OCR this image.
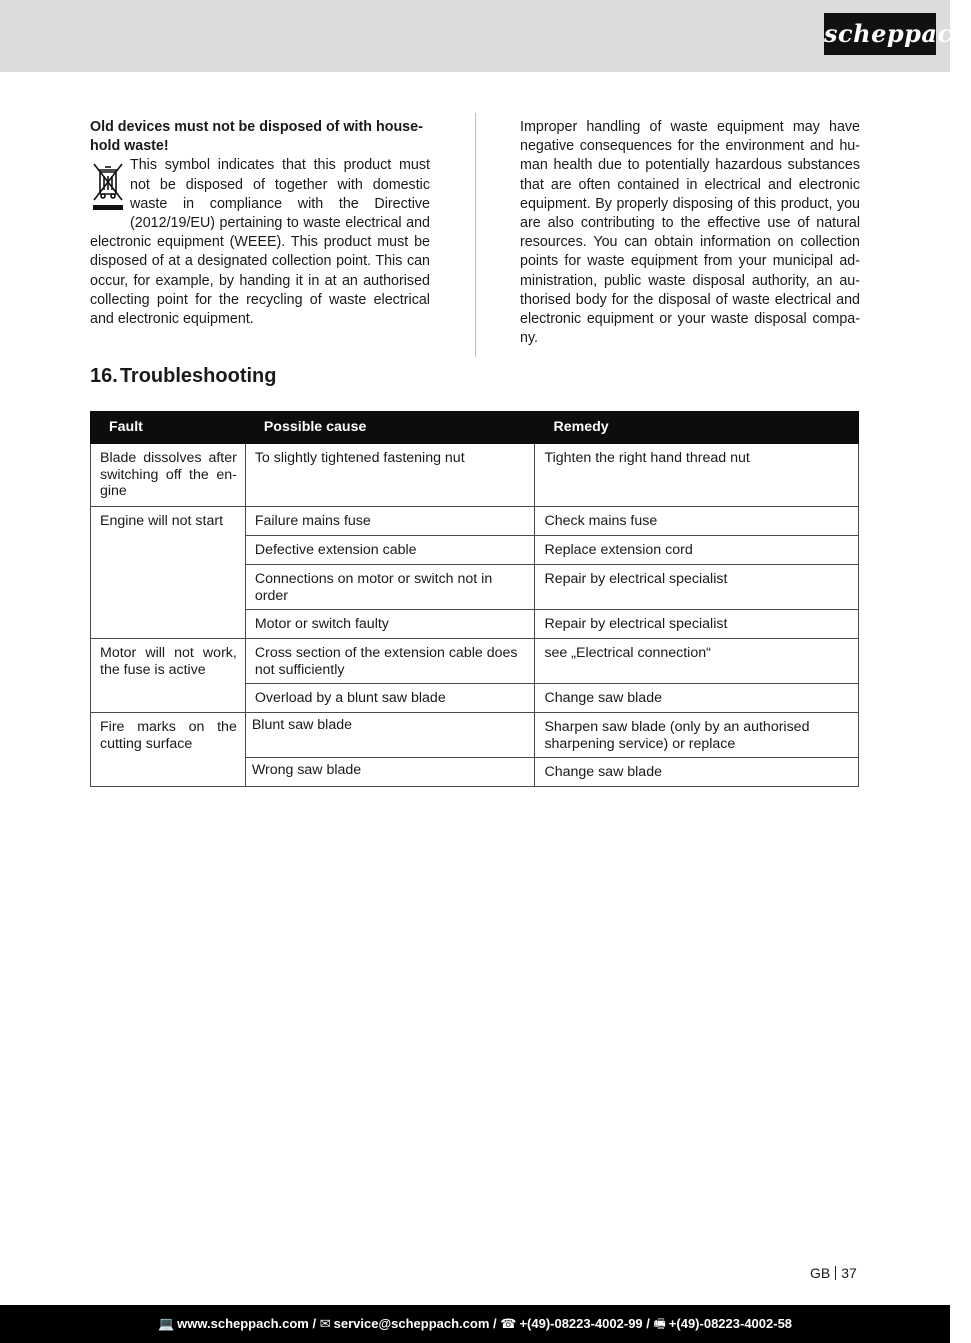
scheppach

Old devices must not be disposed of with house-hold waste!

This symbol indicates that this product must not be disposed of together with domestic waste in compliance with the Directive (2012/19/EU) pertaining to waste electrical and electronic equipment (WEEE). This product must be disposed of at a designated collection point. This can occur, for example, by handing it in at an authorised collecting point for the recycling of waste electrical and electronic equipment.

Improper handling of waste equipment may have negative consequences for the environment and hu-man health due to potentially hazardous substances that are often contained in electrical and electronic equipment. By properly disposing of this product, you are also contributing to the effective use of natural resources. You can obtain information on collection points for waste equipment from your municipal ad-ministration, public waste disposal authority, an au-thorised body for the disposal of waste electrical and electronic equipment or your waste disposal compa-ny.

16. Troubleshooting
Fault	Possible cause	Remedy
Blade dissolves after switching off the en-gine	To slightly tightened fastening nut	Tighten the right hand thread nut
Engine will not start	Failure mains fuse	Check mains fuse
	Defective extension cable	Replace extension cord
	Connections on motor or switch not in order	Repair by electrical specialist
	Motor or switch faulty	Repair by electrical specialist
Motor will not work, the fuse is active	Cross section of the extension cable does not sufficiently	see „Electrical connection“
	Overload by a blunt saw blade	Change saw blade
Fire marks on the cutting surface	Blunt saw blade	Sharpen saw blade (only by an authorised sharpening service) or replace
	Wrong saw blade	Change saw blade
GB 37
💻 www.scheppach.com / ✉ service@scheppach.com / ☎ +(49)-08223-4002-99 / 🖷 +(49)-08223-4002-58
